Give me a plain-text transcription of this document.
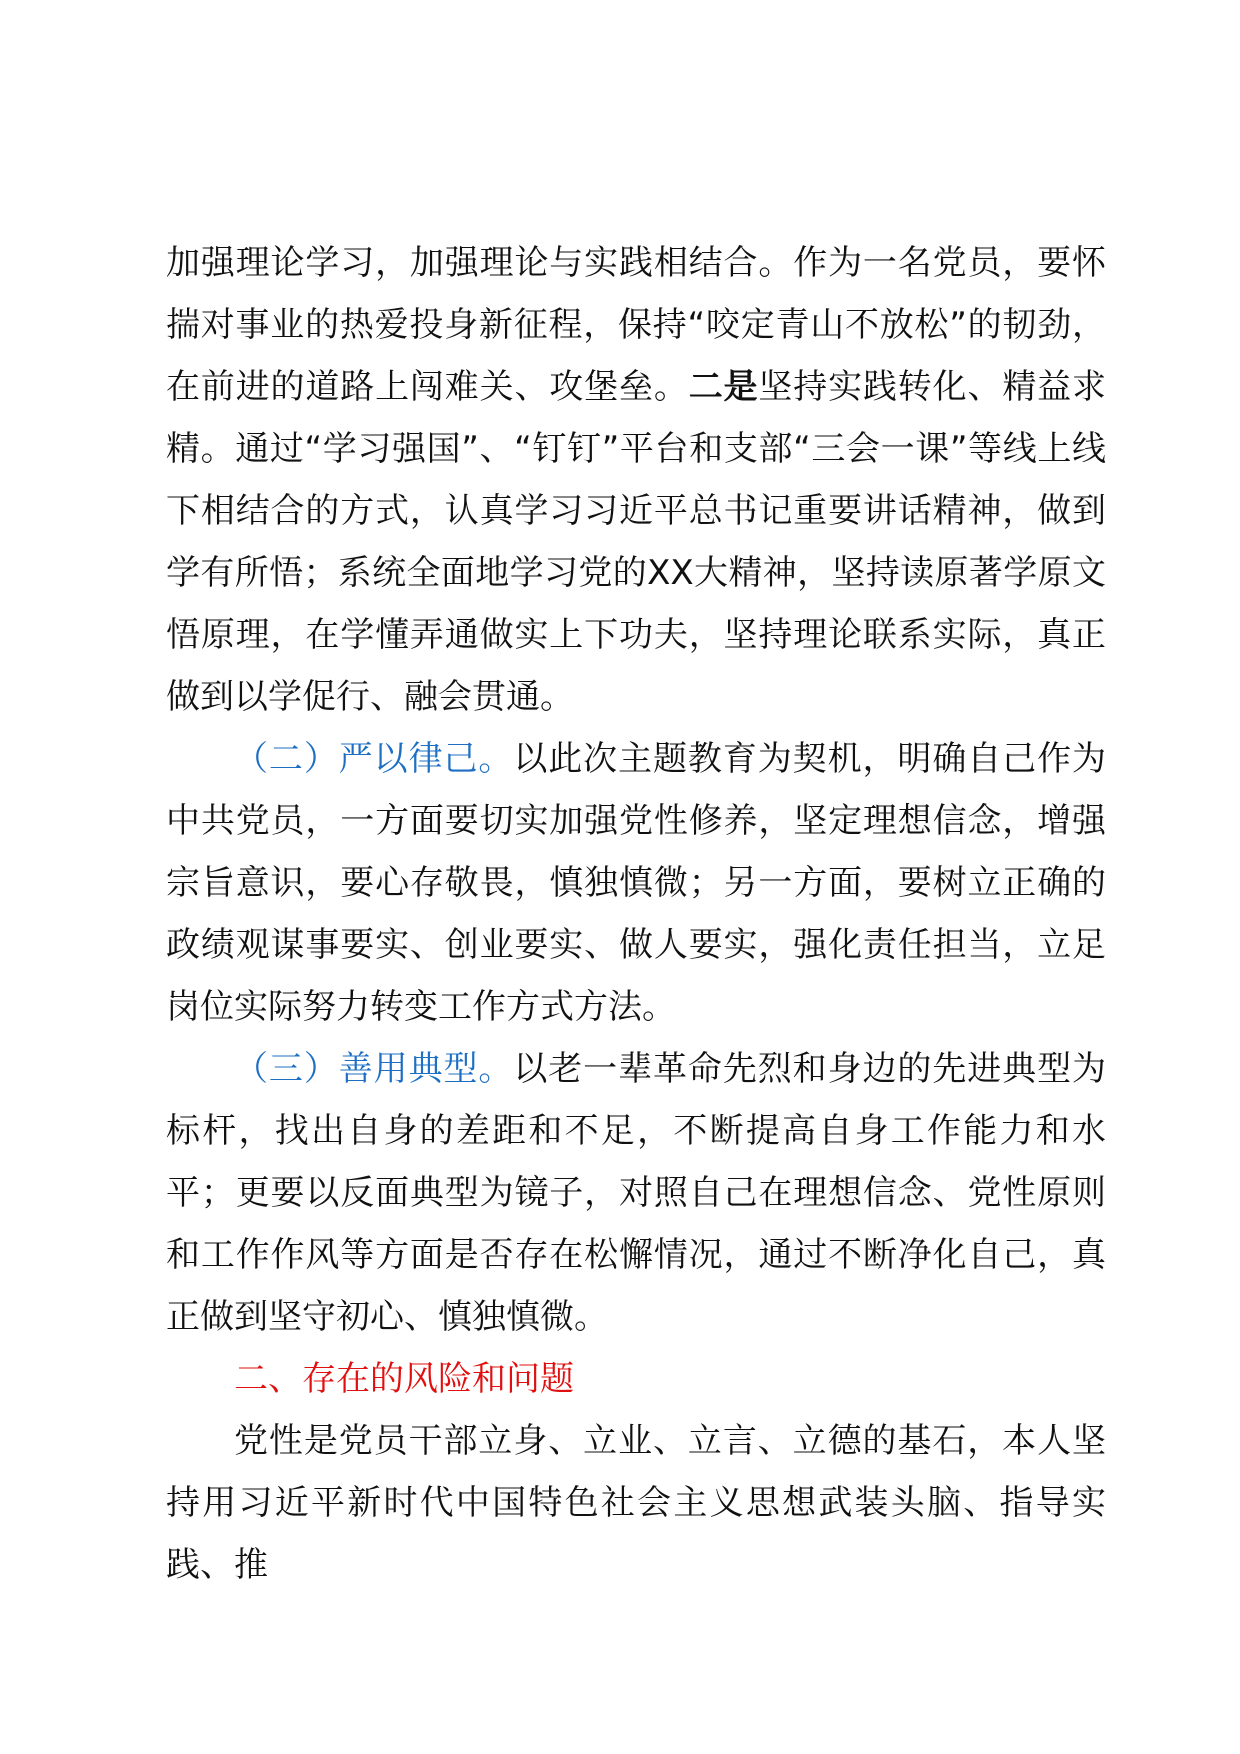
加强理论学习，加强理论与实践相结合。作为一名党员，要怀揣对事业的热爱投身新征程，保持“咬定青山不放松”的韧劲，在前进的道路上闯难关、攻堡垒。二是坚持实践转化、精益求精。通过“学习强国”、“钉钉”平台和支部“三会一课”等线上线下相结合的方式，认真学习习近平总书记重要讲话精神，做到学有所悟；系统全面地学习党的XX大精神，坚持读原著学原文悟原理，在学懂弄通做实上下功夫，坚持理论联系实际，真正做到以学促行、融会贯通。

（二）严以律己。以此次主题教育为契机，明确自己作为中共党员，一方面要切实加强党性修养，坚定理想信念，增强宗旨意识，要心存敬畏，慎独慎微；另一方面，要树立正确的政绩观谋事要实、创业要实、做人要实，强化责任担当，立足岗位实际努力转变工作方式方法。

（三）善用典型。以老一辈革命先烈和身边的先进典型为标杆，找出自身的差距和不足，不断提高自身工作能力和水平；更要以反面典型为镜子，对照自己在理想信念、党性原则和工作作风等方面是否存在松懈情况，通过不断净化自己，真正做到坚守初心、慎独慎微。

二、存在的风险和问题

党性是党员干部立身、立业、立言、立德的基石，本人坚持用习近平新时代中国特色社会主义思想武装头脑、指导实践、推
